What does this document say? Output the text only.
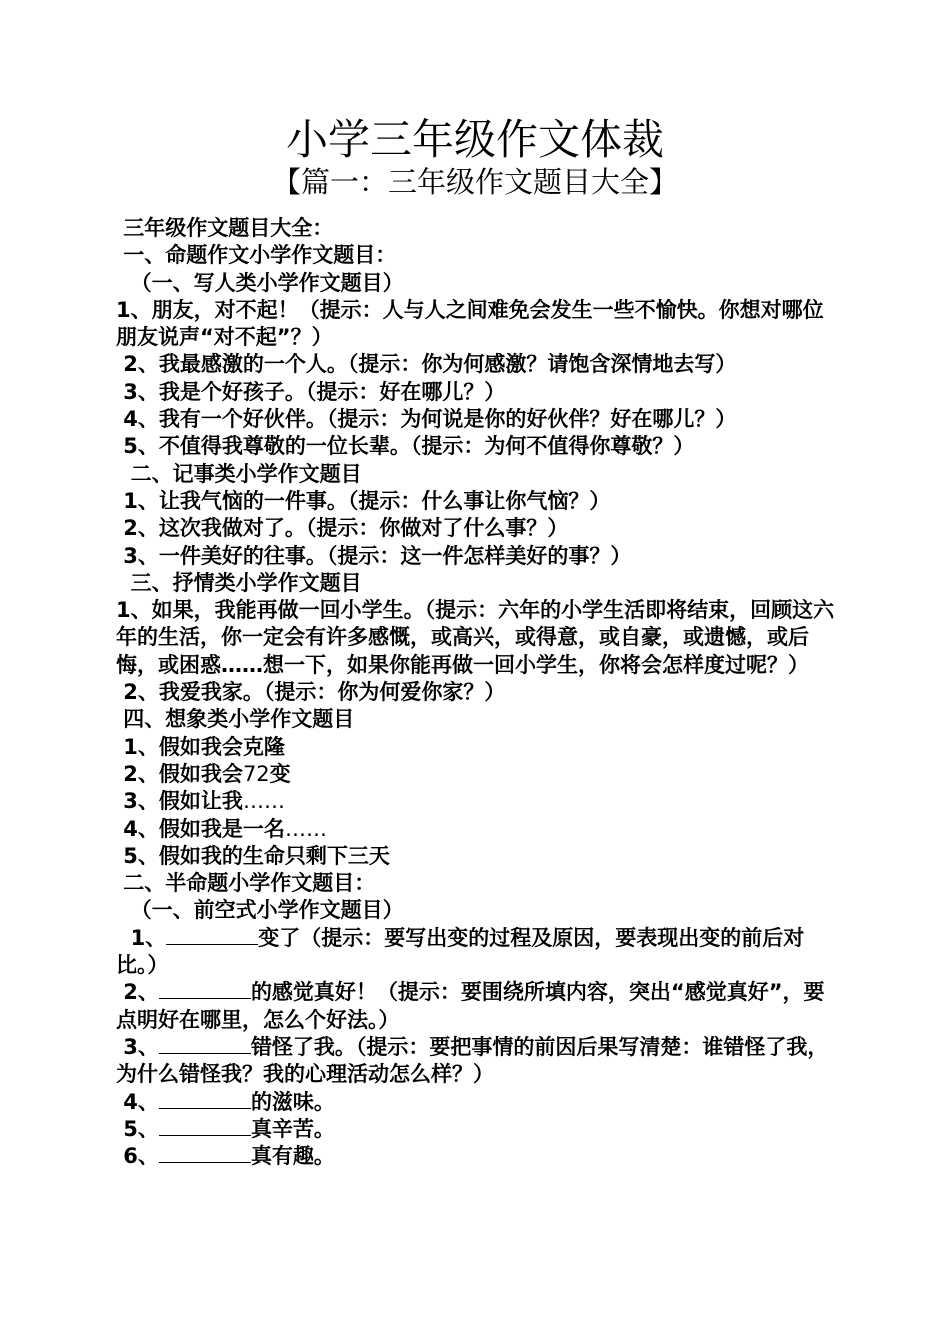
小学三年级作文体裁
【篇一：三年级作文题目大全】

三年级作文题目大全：

一、命题作文小学作文题目：

（一、写人类小学作文题目）

1、朋友，对不起！（提示：人与人之间难免会发生一些不愉快。你想对哪位朋友说声“对不起”？）

2、我最感激的一个人。（提示：你为何感激？请饱含深情地去写）

3、我是个好孩子。（提示：好在哪儿？）

4、我有一个好伙伴。（提示：为何说是你的好伙伴？好在哪儿？）

5、不值得我尊敬的一位长辈。（提示：为何不值得你尊敬？）

二、记事类小学作文题目

1、让我气恼的一件事。（提示：什么事让你气恼？）

2、这次我做对了。（提示：你做对了什么事？）

3、一件美好的往事。（提示：这一件怎样美好的事？）

三、抒情类小学作文题目

1、如果，我能再做一回小学生。（提示：六年的小学生活即将结束，回顾这六年的生活，你一定会有许多感慨，或高兴，或得意，或自豪，或遗憾，或后悔，或困惑……想一下，如果你能再做一回小学生，你将会怎样度过呢？）

2、我爱我家。（提示：你为何爱你家？）

四、想象类小学作文题目

1、假如我会克隆

2、假如我会72变

3、假如让我……

4、假如我是一名……

5、假如我的生命只剩下三天

二、半命题小学作文题目：

（一、前空式小学作文题目）

1、	变了（提示：要写出变的过程及原因，要表现出变的前后对比。）

2、	的感觉真好！（提示：要围绕所填内容，突出“感觉真好”，要点明好在哪里，怎么个好法。）

3、	错怪了我。（提示：要把事情的前因后果写清楚：谁错怪了我，为什么错怪我？我的心理活动怎么样？）

4、	的滋味。

5、	真辛苦。

6、	真有趣。
